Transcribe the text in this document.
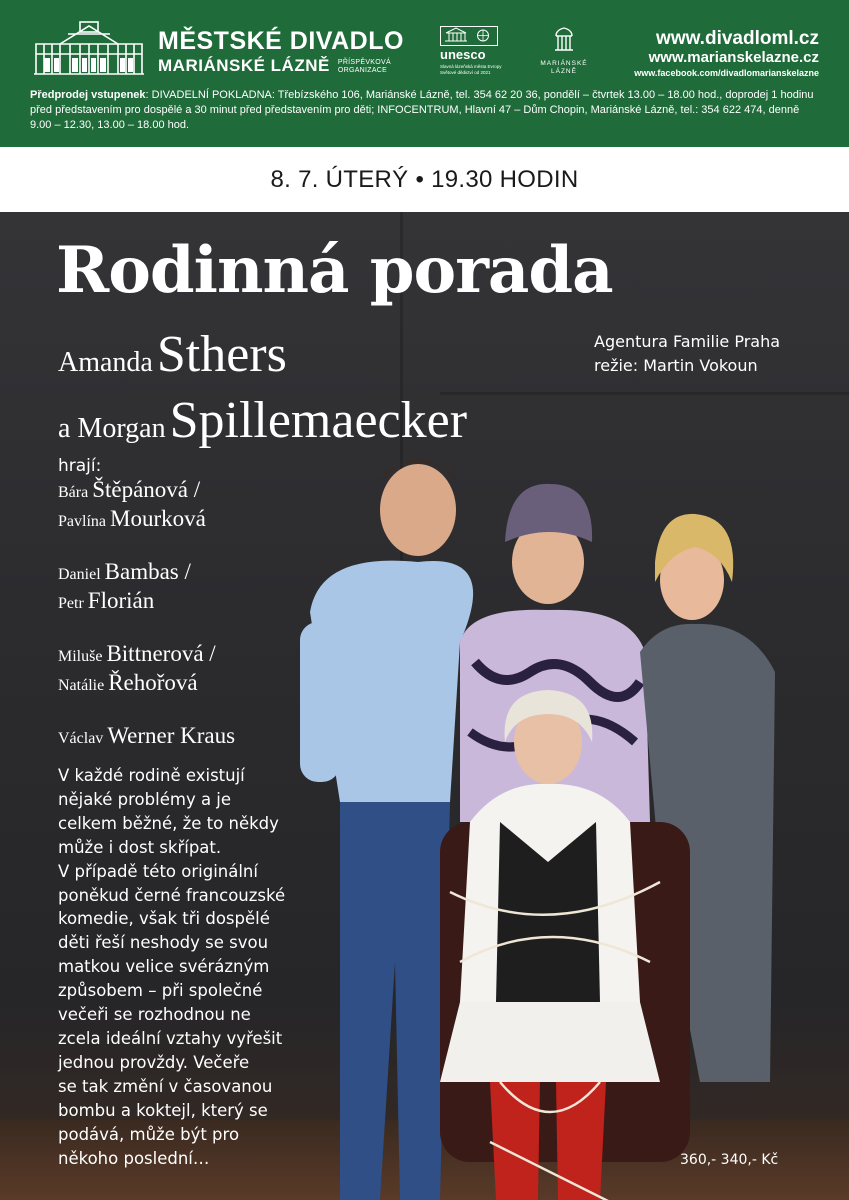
MĚSTSKÉ DIVADLO
MARIÁNSKÉ LÁZNĚ PŘÍSPĚVKOVÁ
ORGANIZACE
unesco
Slavná lázeňská města Evropy Světové dědictví od 2021
MARIÁNSKÉ
LÁZNĚ
www.divadloml.cz
www.marianskelazne.cz
www.facebook.com/divadlomarianskelazne
Předprodej vstupenek: DIVADELNÍ POKLADNA: Třebízského 106, Mariánské Lázně, tel. 354 62 20 36, pondělí – čtvrtek 13.00 – 18.00 hod., doprodej 1 hodinu před představením pro dospělé a 30 minut před představením pro děti; INFOCENTRUM, Hlavní 47 – Dům Chopin, Mariánské Lázně, tel.: 354 622 474, denně 9.00 – 12.30, 13.00 – 18.00 hod.
8. 7. ÚTERÝ • 19.30 HODIN
Rodinná porada
Amanda Sthers
a Morgan Spillemaecker
Agentura Familie Praha
režie: Martin Vokoun
hrají:
Bára Štěpánová /
Pavlína Mourková
Daniel Bambas /
Petr Florián
Miluše Bittnerová /
Natálie Řehořová
Václav Werner Kraus
V každé rodině existují
nějaké problémy a je
celkem běžné, že to někdy
může i dost skřípat.
V případě této originální
poněkud černé francouzské
komedie, však tři dospělé
děti řeší neshody se svou
matkou velice svérázným
způsobem – při společné
večeři se rozhodnou ne
zcela ideální vztahy vyřešit
jednou provždy. Večeře
se tak změní v časovanou
bombu a koktejl, který se
podává, může být pro
někoho poslední…	360,- 340,- Kč
